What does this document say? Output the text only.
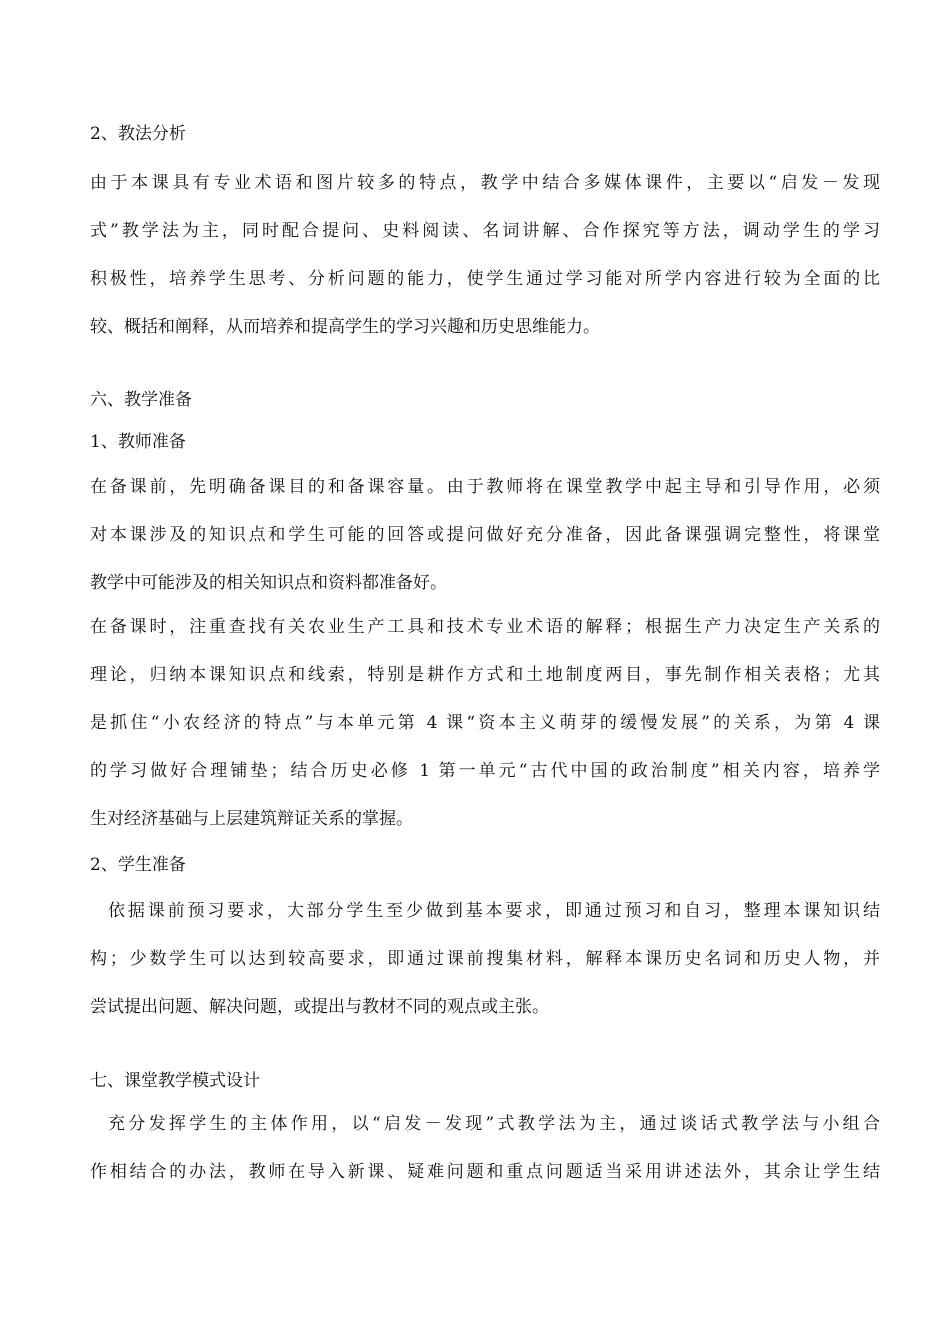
2、教法分析
由于本课具有专业术语和图片较多的特点，教学中结合多媒体课件，主要以“启发－发现
式”教学法为主，同时配合提问、史料阅读、名词讲解、合作探究等方法，调动学生的学习
积极性，培养学生思考、分析问题的能力，使学生通过学习能对所学内容进行较为全面的比
较、概括和阐释，从而培养和提高学生的学习兴趣和历史思维能力。
六、教学准备
1、教师准备
在备课前，先明确备课目的和备课容量。由于教师将在课堂教学中起主导和引导作用，必须
对本课涉及的知识点和学生可能的回答或提问做好充分准备，因此备课强调完整性，将课堂
教学中可能涉及的相关知识点和资料都准备好。
在备课时，注重查找有关农业生产工具和技术专业术语的解释；根据生产力决定生产关系的
理论，归纳本课知识点和线索，特别是耕作方式和土地制度两目，事先制作相关表格；尤其
是抓住“小农经济的特点”与本单元第 4 课“资本主义萌芽的缓慢发展”的关系，为第 4 课
的学习做好合理铺垫；结合历史必修 1 第一单元“古代中国的政治制度”相关内容，培养学
生对经济基础与上层建筑辩证关系的掌握。
2、学生准备
依据课前预习要求，大部分学生至少做到基本要求，即通过预习和自习，整理本课知识结
构；少数学生可以达到较高要求，即通过课前搜集材料，解释本课历史名词和历史人物，并
尝试提出问题、解决问题，或提出与教材不同的观点或主张。
七、课堂教学模式设计
充分发挥学生的主体作用，以“启发－发现”式教学法为主，通过谈话式教学法与小组合
作相结合的办法，教师在导入新课、疑难问题和重点问题适当采用讲述法外，其余让学生结
